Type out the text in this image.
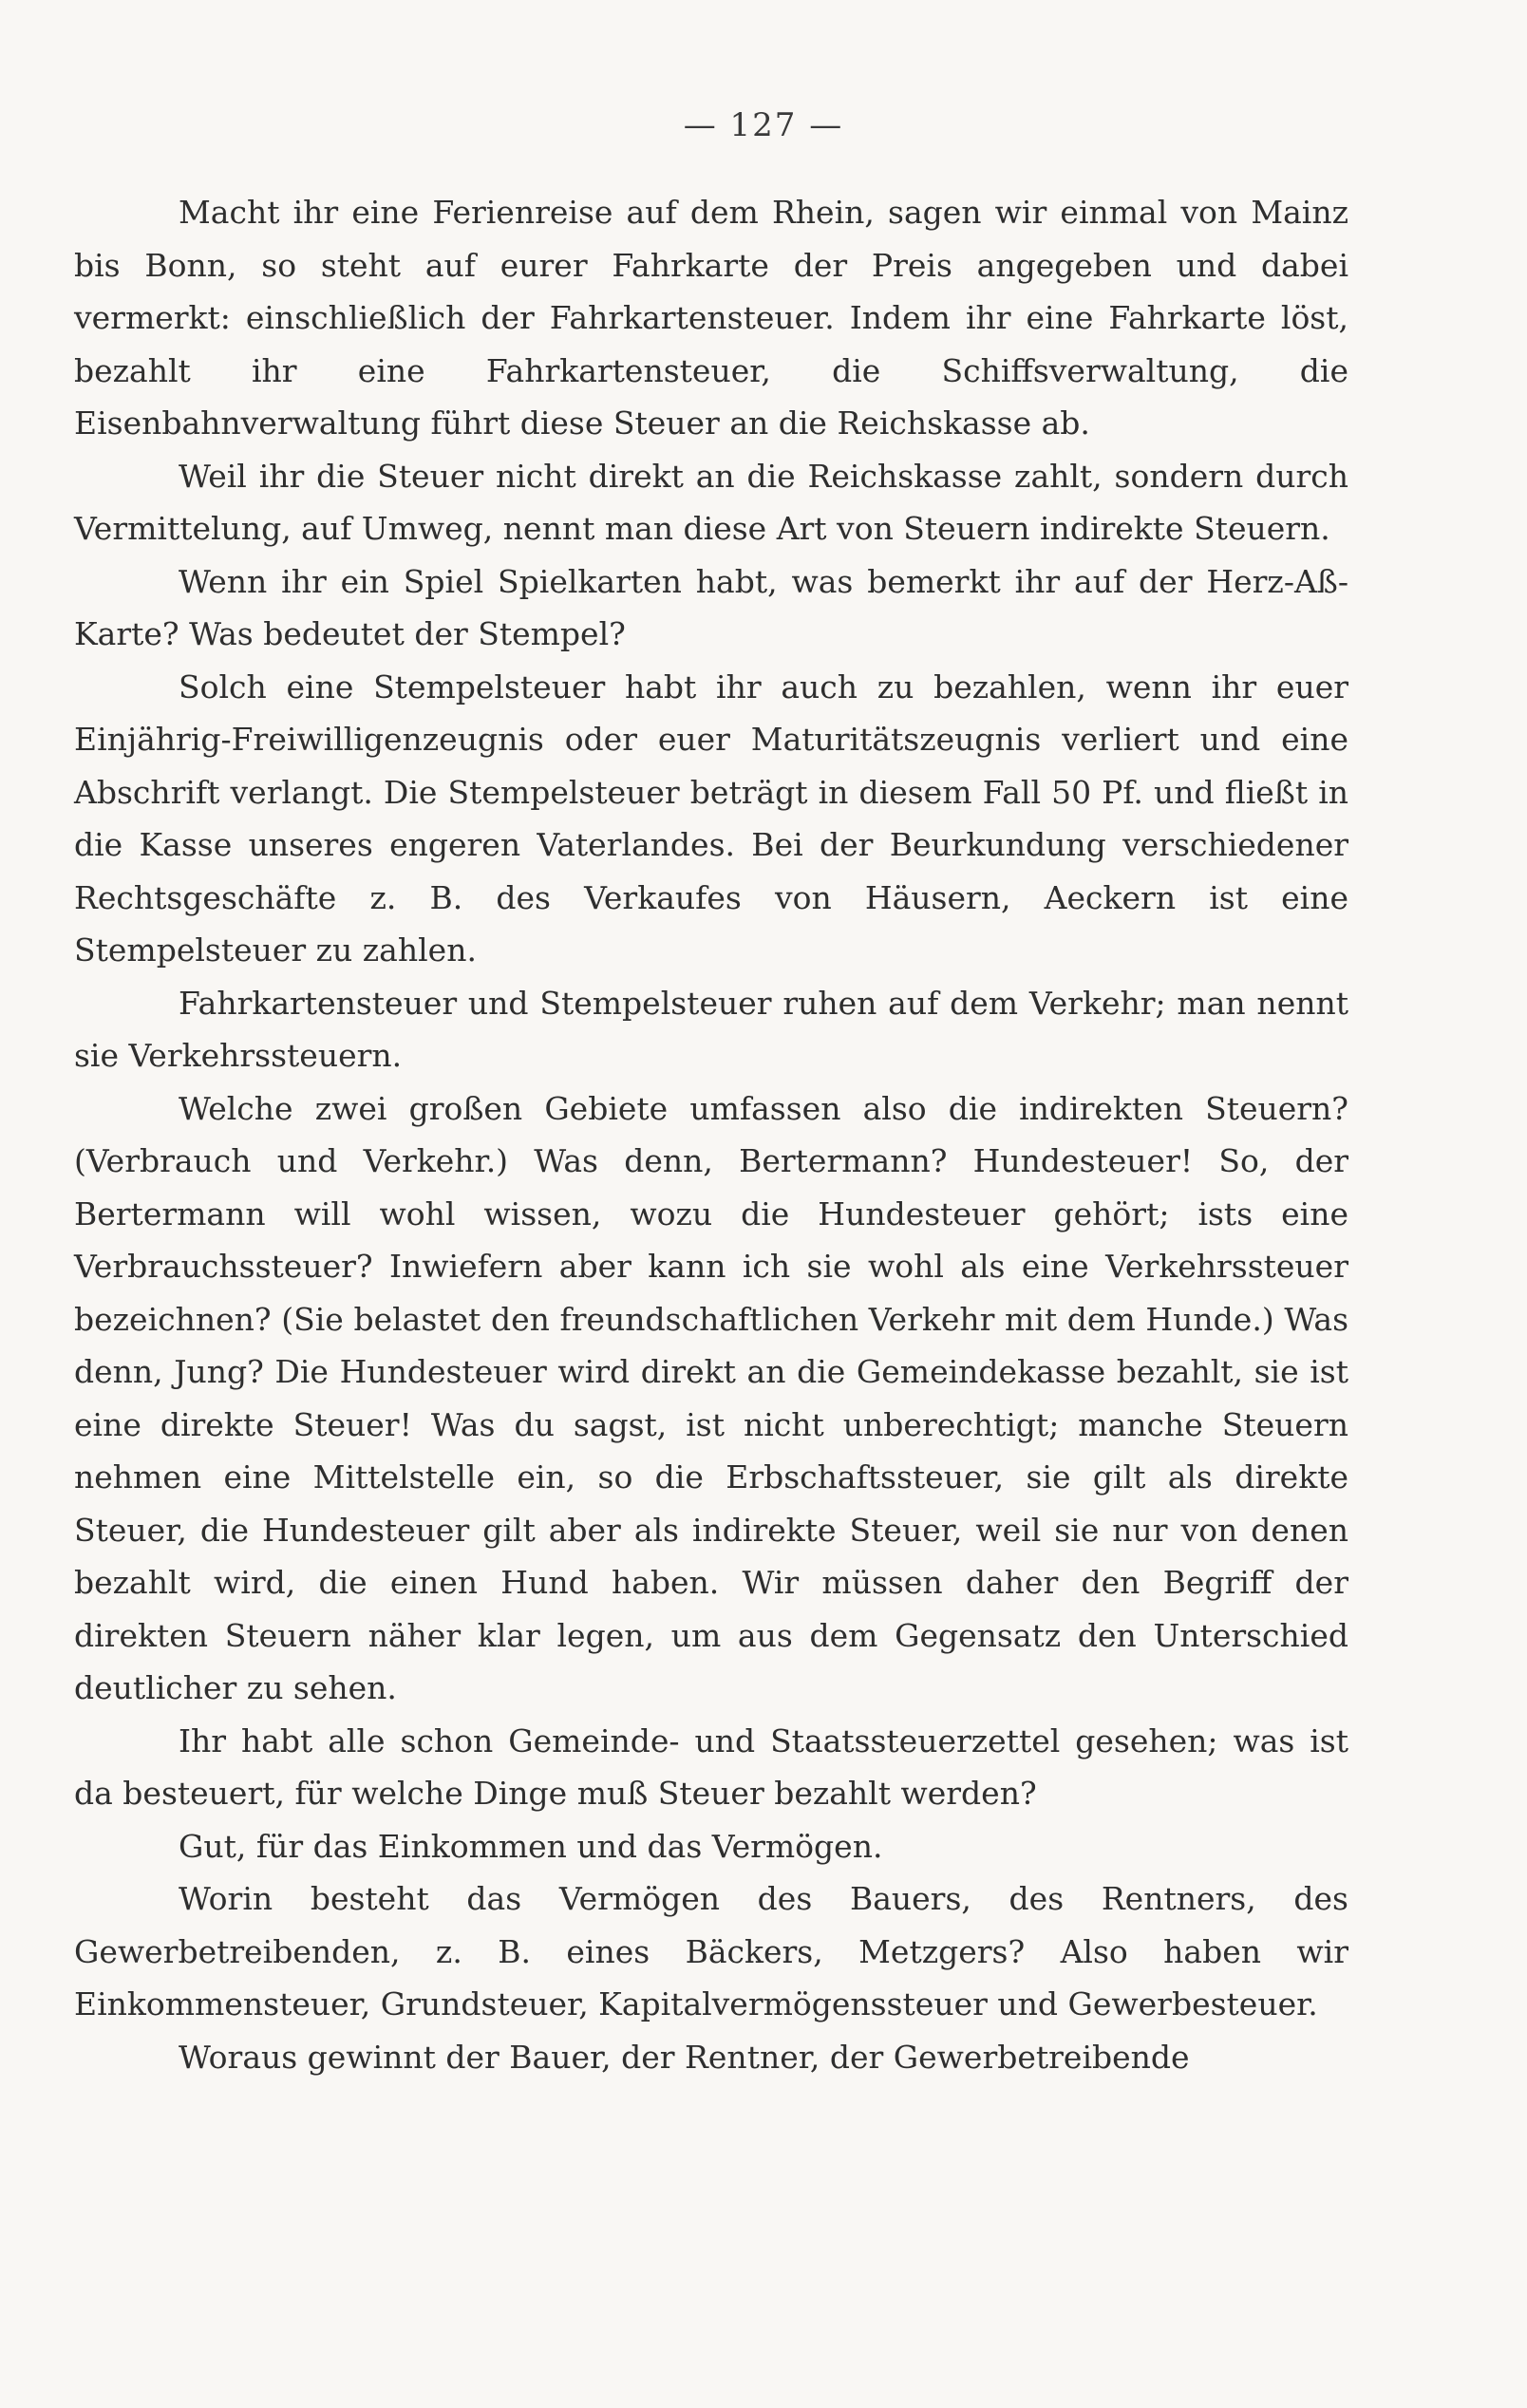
— 127 —

Macht ihr eine Ferienreise auf dem Rhein, sagen wir einmal von Mainz bis Bonn, so steht auf eurer Fahrkarte der Preis angegeben und dabei vermerkt: einschließlich der Fahrkartensteuer. Indem ihr eine Fahrkarte löst, bezahlt ihr eine Fahrkartensteuer, die Schiffsverwaltung, die Eisenbahnverwaltung führt diese Steuer an die Reichskasse ab.

Weil ihr die Steuer nicht direkt an die Reichskasse zahlt, sondern durch Vermittelung, auf Umweg, nennt man diese Art von Steuern indirekte Steuern.

Wenn ihr ein Spiel Spielkarten habt, was bemerkt ihr auf der Herz-Aß-Karte? Was bedeutet der Stempel?

Solch eine Stempelsteuer habt ihr auch zu bezahlen, wenn ihr euer Einjährig-Freiwilligenzeugnis oder euer Maturitätszeugnis verliert und eine Abschrift verlangt. Die Stempelsteuer beträgt in diesem Fall 50 Pf. und fließt in die Kasse unseres engeren Vaterlandes. Bei der Beurkundung verschiedener Rechtsgeschäfte z. B. des Verkaufes von Häusern, Aeckern ist eine Stempelsteuer zu zahlen.

Fahrkartensteuer und Stempelsteuer ruhen auf dem Verkehr; man nennt sie Verkehrssteuern.

Welche zwei großen Gebiete umfassen also die indirekten Steuern? (Verbrauch und Verkehr.) Was denn, Bertermann? Hundesteuer! So, der Bertermann will wohl wissen, wozu die Hundesteuer gehört; ists eine Verbrauchssteuer? Inwiefern aber kann ich sie wohl als eine Verkehrssteuer bezeichnen? (Sie belastet den freundschaftlichen Verkehr mit dem Hunde.) Was denn, Jung? Die Hundesteuer wird direkt an die Gemeindekasse bezahlt, sie ist eine direkte Steuer! Was du sagst, ist nicht unberechtigt; manche Steuern nehmen eine Mittelstelle ein, so die Erbschaftssteuer, sie gilt als direkte Steuer, die Hundesteuer gilt aber als indirekte Steuer, weil sie nur von denen bezahlt wird, die einen Hund haben. Wir müssen daher den Begriff der direkten Steuern näher klar legen, um aus dem Gegensatz den Unterschied deutlicher zu sehen.

Ihr habt alle schon Gemeinde- und Staatssteuerzettel gesehen; was ist da besteuert, für welche Dinge muß Steuer bezahlt werden?

Gut, für das Einkommen und das Vermögen.

Worin besteht das Vermögen des Bauers, des Rentners, des Gewerbetreibenden, z. B. eines Bäckers, Metzgers? Also haben wir Einkommensteuer, Grundsteuer, Kapitalvermögenssteuer und Gewerbesteuer.

Woraus gewinnt der Bauer, der Rentner, der Gewerbetreibende
